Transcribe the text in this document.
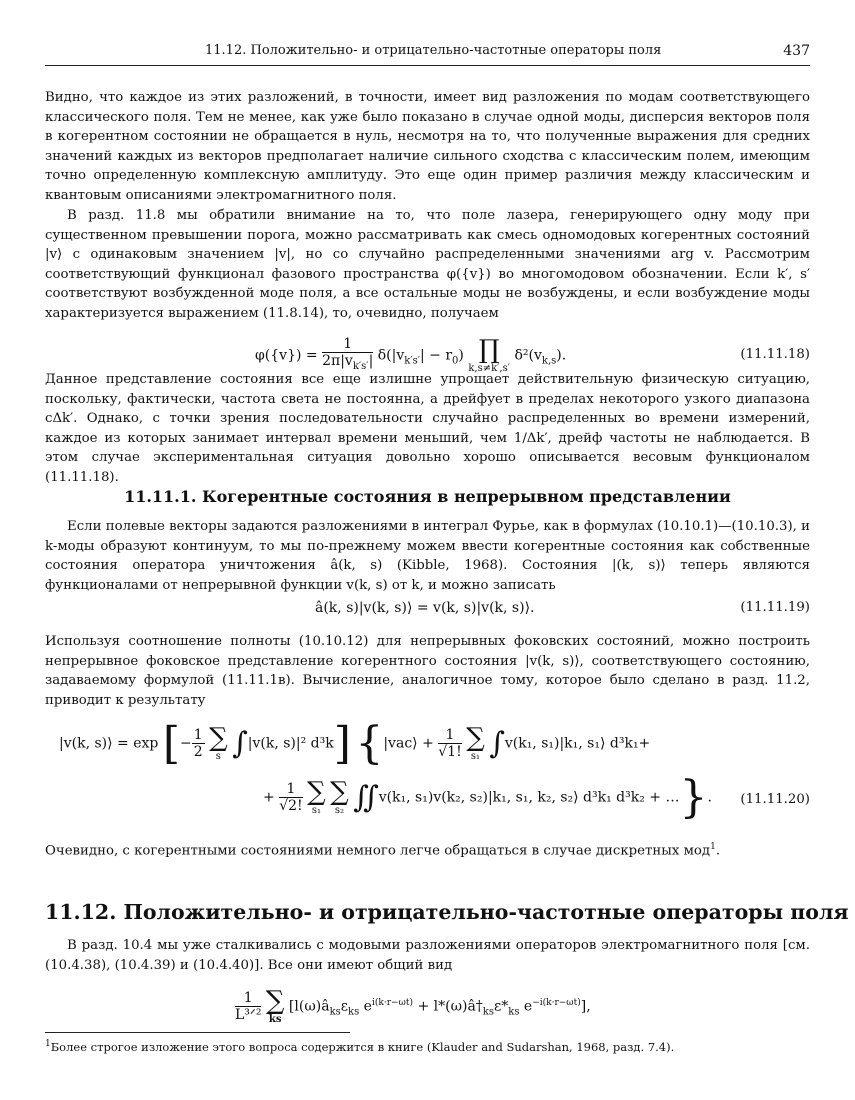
11.12. Положительно- и отрицательно-частотные операторы поля	437

Видно, что каждое из этих разложений, в точности, имеет вид разложения по модам соответствующего классического поля. Тем не менее, как уже было показано в случае одной моды, дисперсия векторов поля в когерентном состоянии не обращается в нуль, несмотря на то, что полученные выражения для средних значений каждых из векторов предполагает наличие сильного сходства с классическим полем, имеющим точно определенную комплексную амплитуду. Это еще один пример различия между классическим и квантовым описаниями электромагнитного поля.

В разд. 11.8 мы обратили внимание на то, что поле лазера, генерирующего одну моду при существенном превышении порога, можно рассматривать как смесь одномодовых когерентных состояний |v⟩ с одинаковым значением |v|, но со случайно распределенными значениями arg v. Рассмотрим соответствующий функционал фазового пространства φ({v}) во многомодовом обозначении. Если k′, s′ соответствуют возбужденной моде поля, а все остальные моды не возбуждены, и если возбуждение моды характеризуется выражением (11.8.14), то, очевидно, получаем

$\varphi(\{v\}) = \frac{1}{2\pi|v_{k's'}|} \delta(|v_{k's'}| - r_0)$ ∏
k,s≠k′,s′
$\delta^2(v_{k,s})$.	(11.11.18)

Данное представление состояния все еще излишне упрощает действительную физическую ситуацию, поскольку, фактически, частота света не постоянна, а дрейфует в пределах некоторого узкого диапазона cΔk′. Однако, с точки зрения последовательности случайно распределенных во времени измерений, каждое из которых занимает интервал времени меньший, чем 1/Δk′, дрейф частоты не наблюдается. В этом случае экспериментальная ситуация довольно хорошо описывается весовым функционалом (11.11.18).

11.11.1. Когерентные состояния в непрерывном представлении

Если полевые векторы задаются разложениями в интеграл Фурье, как в формулах (10.10.1)—(10.10.3), и k-моды образуют континуум, то мы по-прежнему можем ввести когерентные состояния как собственные состояния оператора уничтожения â(k, s) (Kibble, 1968). Состояния |(k, s)⟩ теперь являются функционалами от непрерывной функции v(k, s) от k, и можно записать

â(k, s)|v(k, s)⟩ = v(k, s)|v(k, s)⟩.	(11.11.19)

Используя соотношение полноты (10.10.12) для непрерывных фоковских состояний, можно построить непрерывное фоковское представление когерентного состояния |v(k, s)⟩, соответствующего состоянию, задаваемому формулой (11.11.1в). Вычисление, аналогичное тому, которое было сделано в разд. 11.2, приводит к результату

|v(k, s)⟩ = exp [− $\frac{1}{2}$
∑
s ∫|v(k, s)|² d³k] {|vac⟩ + $\frac{1}{√1!}$
∑
s₁ ∫v(k₁, s₁)|k₁, s₁⟩ d³k₁+
+ $\frac{1}{√2!}$
∑
s₁

∑
s₂ ∬v(k₁, s₁)v(k₂, s₂)|k₁, s₁, k₂, s₂⟩ d³k₁ d³k₂ + …}. (11.11.20)

Очевидно, с когерентными состояниями немного легче обращаться в случае дискретных мод$^1$.

11.12. Положительно- и отрицательно-частотные операторы поля

В разд. 10.4 мы уже сталкивались с модовыми разложениями операторов электромагнитного поля [см. (10.4.38), (10.4.39) и (10.4.40)]. Все они имеют общий вид

$\frac{1}{\text{L³ᐟ²}}$
∑
ks
[$l(\omega)â_{ks}\varepsilon_{ks}$ $e^{i(k\cdot r-\omega t)}$ + $l*(\omega)â\dagger_{ks}\varepsilon*_{ks}$ $e^{-i(k\cdot r-\omega t)}$],
$^1$Более строгое изложение этого вопроса содержится в книге (Klauder and Sudarshan, 1968, разд. 7.4).
